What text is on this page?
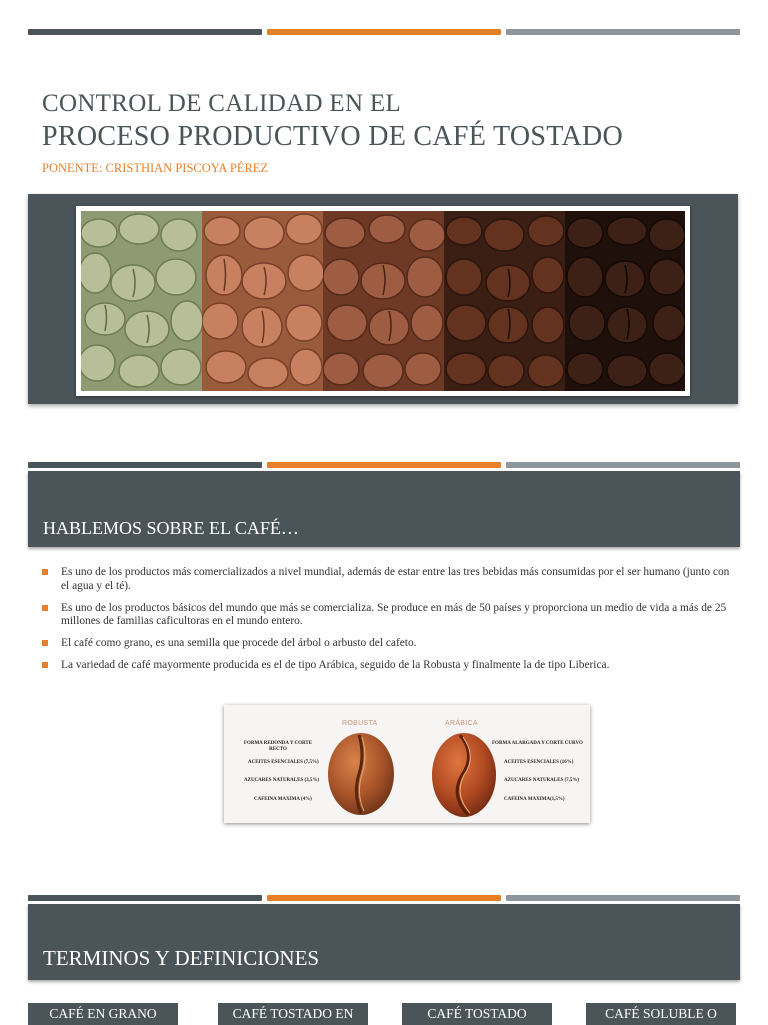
CONTROL DE CALIDAD EN EL
PROCESO PRODUCTIVO DE CAFÉ TOSTADO
PONENTE: CRISTHIAN PISCOYA PÉREZ
HABLEMOS SOBRE EL CAFÉ…
Es uno de los productos más comercializados a nivel mundial, además de estar entre las tres bebidas más consumidas por el ser humano (junto con el agua y el té).
Es uno de los productos básicos del mundo que más se comercializa. Se produce en más de 50 países y proporciona un medio de vida a más de 25 millones de familias caficultoras en el mundo entero.
El café como grano, es una semilla que procede del árbol o arbusto del cafeto.
La variedad de café mayormente producida es el de tipo Arábica, seguido de la Robusta y finalmente la de tipo Liberica.
ROBUSTA	ARÁBICA
FORMA REDONDA Y CORTE RECTO
ACEITES ESENCIALES (7,5%)
AZUCARES NATURALES (3,5%)
CAFEINA MAXIMA (4%)
FORMA ALARGADA Y CORTE CURVO
ACEITES ESENCIALES (16%)
AZUCARES NATURALES (7,5%)
CAFEINA MAXIMA(1,5%)
TERMINOS Y DEFINICIONES
CAFÉ EN GRANO	CAFÉ TOSTADO EN	CAFÉ TOSTADO	CAFÉ SOLUBLE O
